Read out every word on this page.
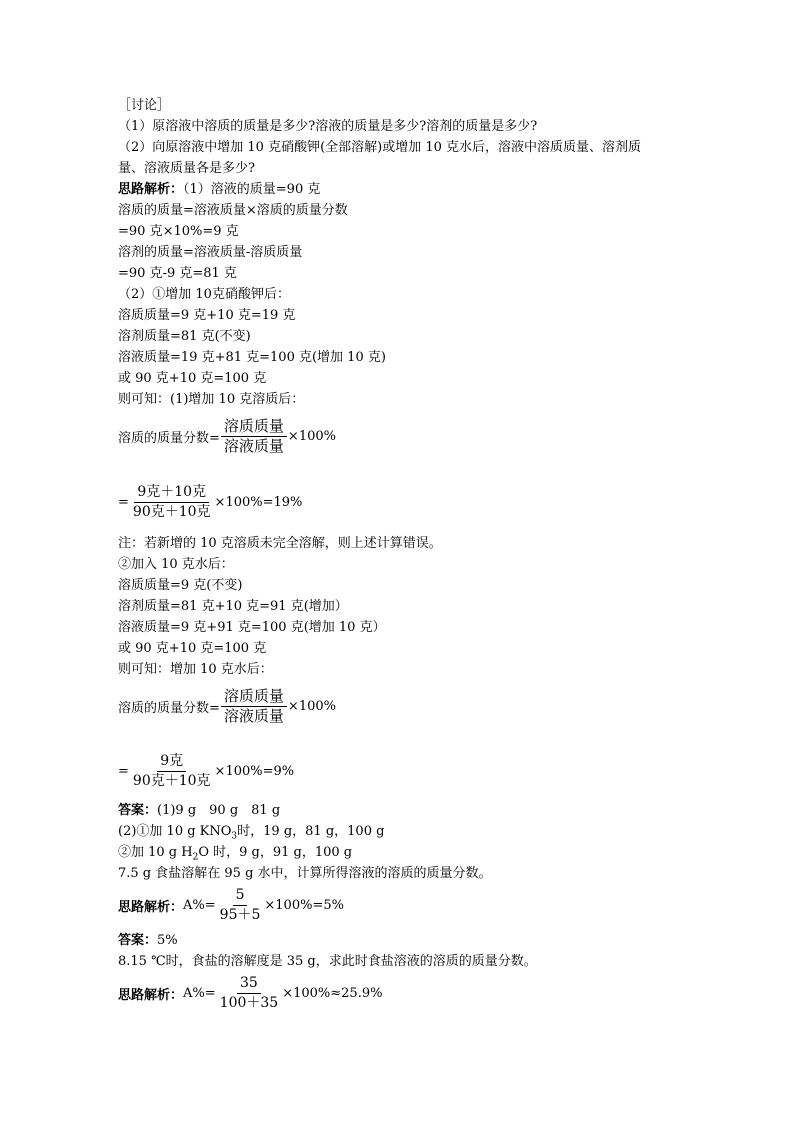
［讨论］
（1）原溶液中溶质的质量是多少?溶液的质量是多少?溶剂的质量是多少?
（2）向原溶液中增加 10 克硝酸钾(全部溶解)或增加 10 克水后，溶液中溶质质量、溶剂质
量、溶液质量各是多少?
思路解析：（1）溶液的质量=90 克
溶质的质量=溶液质量×溶质的质量分数
=90 克×10%=9 克
溶剂的质量=溶液质量-溶质质量
=90 克-9 克=81 克
（2）①增加 10克硝酸钾后：
溶质质量=9 克+10 克=19 克
溶剂质量=81 克(不变)
溶液质量=19 克+81 克=100 克(增加 10 克)
或 90 克+10 克=100 克
则可知：(1)增加 10 克溶质后：
溶质的质量分数= $\frac{\text{溶质质量}}{\text{溶液质量}} \times 100\%$
= $\frac{\text{9克＋10克}}{\text{90克＋10克}} \times 100\%=19\%$
注：若新增的 10 克溶质未完全溶解，则上述计算错误。
②加入 10 克水后：
溶质质量=9 克(不变)
溶剂质量=81 克+10 克=91 克(增加）
溶液质量=9 克+91 克=100 克(增加 10 克）
或 90 克+10 克=100 克
则可知：增加 10 克水后：
溶质的质量分数= $\frac{\text{溶质质量}}{\text{溶液质量}} \times 100\%$
= $\frac{\text{9克}}{\text{90克＋10克}} \times 100\%=9\%$
答案：(1)9 g　90 g　81 g
(2)①加 10 g $KNO_3$时，19 g，81 g，100 g
②加 10 g $H_2O$ 时，9 g，91 g，100 g
7.5 g 食盐溶解在 95 g 水中，计算所得溶液的溶质的质量分数。
思路解析： $A\%= \frac{5}{95+5} \times 100\%=5\%$
答案：5%
8.15 ℃时，食盐的溶解度是 35 g，求此时食盐溶液的溶质的质量分数。
思路解析： $A\%= \frac{35}{100+35} \times 100\%\approx 25.9\%$
